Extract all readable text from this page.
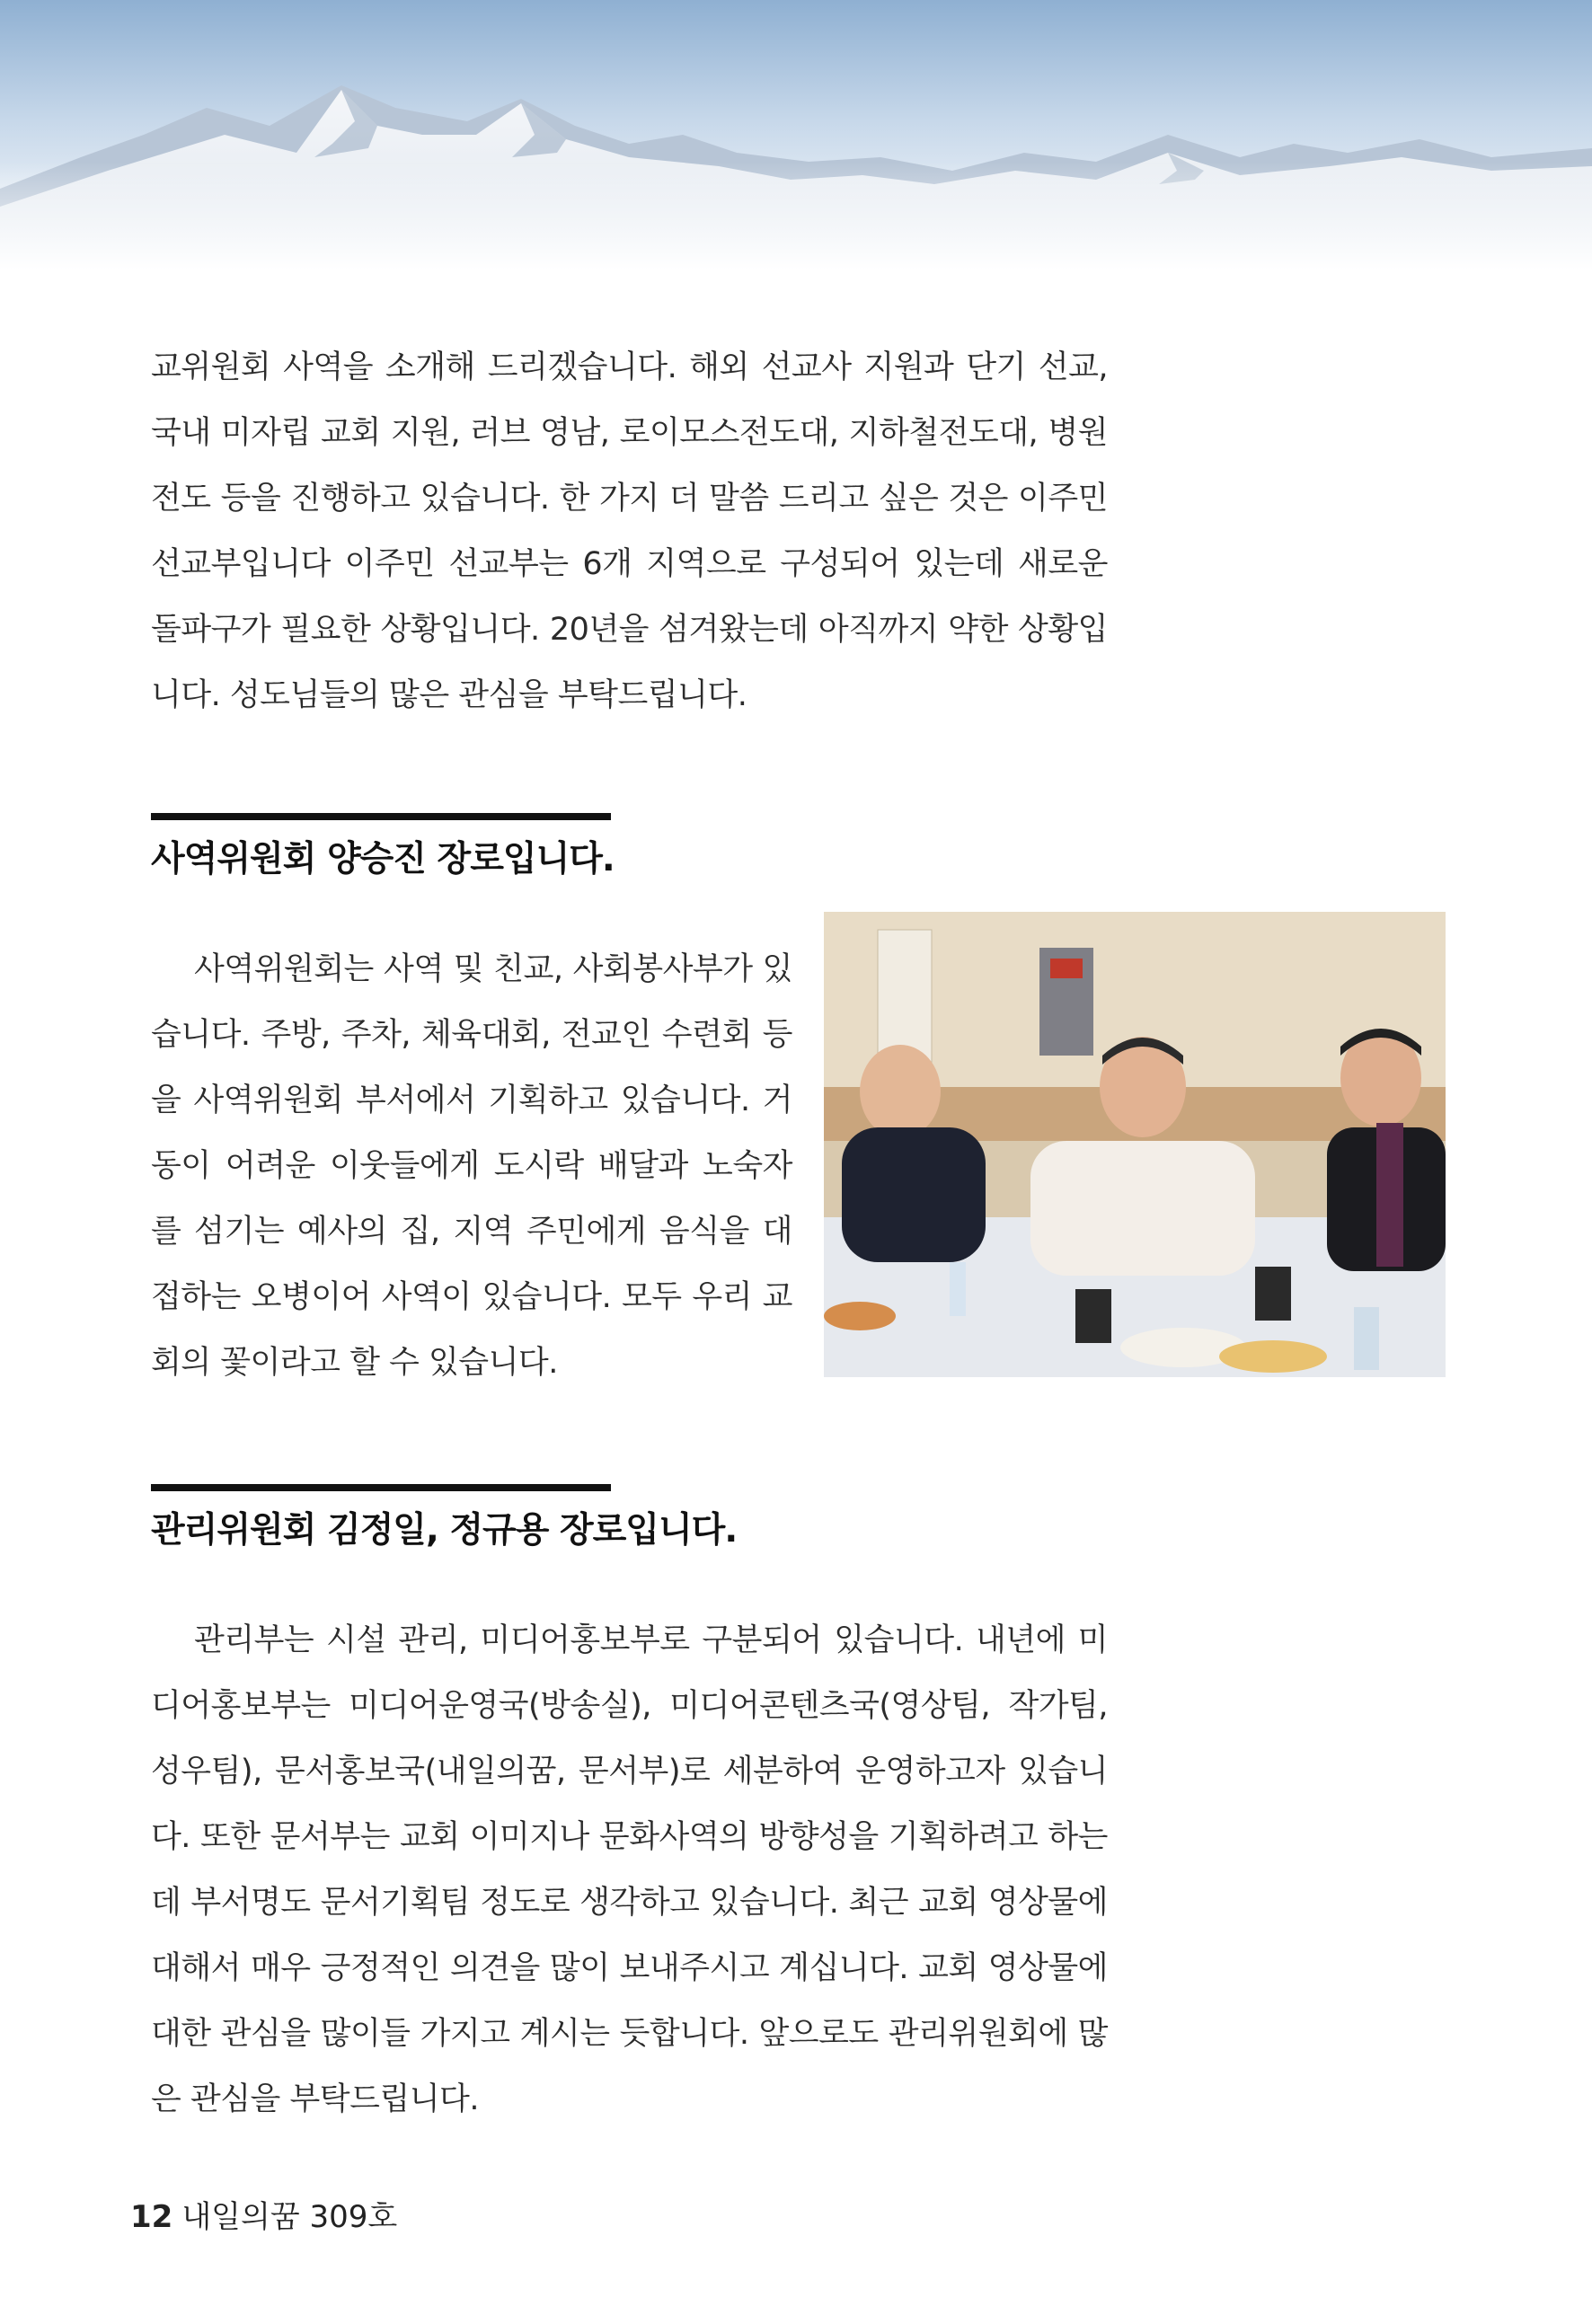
교위원회 사역을 소개해 드리겠습니다. 해외 선교사 지원과 단기 선교, 국내 미자립 교회 지원, 러브 영남, 로이모스전도대, 지하철전도대, 병원 전도 등을 진행하고 있습니다. 한 가지 더 말씀 드리고 싶은 것은 이주민 선교부입니다 이주민 선교부는 6개 지역으로 구성되어 있는데 새로운 돌파구가 필요한 상황입니다. 20년을 섬겨왔는데 아직까지 약한 상황입니다. 성도님들의 많은 관심을 부탁드립니다.

사역위원회 양승진 장로입니다.

사역위원회는 사역 및 친교, 사회봉사부가 있습니다. 주방, 주차, 체육대회, 전교인 수련회 등을 사역위원회 부서에서 기획하고 있습니다. 거동이 어려운 이웃들에게 도시락 배달과 노숙자를 섬기는 예사의 집, 지역 주민에게 음식을 대접하는 오병이어 사역이 있습니다. 모두 우리 교회의 꽃이라고 할 수 있습니다.

관리위원회 김정일, 정규용 장로입니다.

관리부는 시설 관리, 미디어홍보부로 구분되어 있습니다. 내년에 미디어홍보부는 미디어운영국(방송실), 미디어콘텐츠국(영상팀, 작가팀, 성우팀), 문서홍보국(내일의꿈, 문서부)로 세분하여 운영하고자 있습니다. 또한 문서부는 교회 이미지나 문화사역의 방향성을 기획하려고 하는데 부서명도 문서기획팀 정도로 생각하고 있습니다. 최근 교회 영상물에 대해서 매우 긍정적인 의견을 많이 보내주시고 계십니다. 교회 영상물에 대한 관심을 많이들 가지고 계시는 듯합니다. 앞으로도 관리위원회에 많은 관심을 부탁드립니다.

12 내일의꿈 309호
